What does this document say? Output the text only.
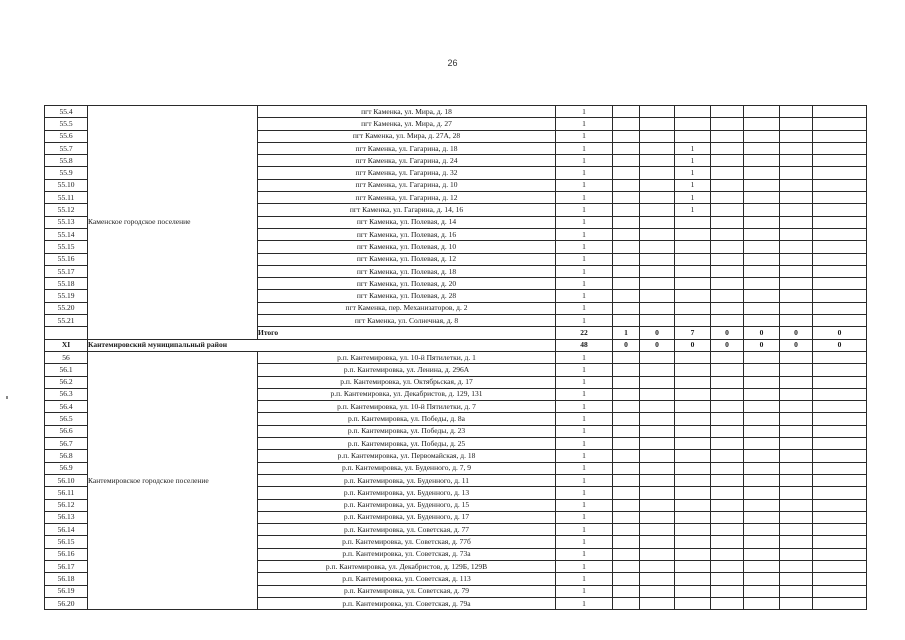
26
55.4	Каменское городское поселение	пгт Каменка, ул. Мира, д. 18	1								
55.5		пгт Каменка, ул. Мира, д. 27	1								
55.6		пгт Каменка, ул. Мира, д. 27А, 28	1								
55.7		пгт Каменка, ул. Гагарина, д. 18	1			1					
55.8		пгт Каменка, ул. Гагарина, д. 24	1			1					
55.9		пгт Каменка, ул. Гагарина, д. 32	1			1					
55.10		пгт Каменка, ул. Гагарина, д. 10	1			1					
55.11		пгт Каменка, ул. Гагарина, д. 12	1			1					
55.12		пгт Каменка, ул. Гагарина, д. 14, 16	1			1					
55.13		пгт Каменка, ул. Полевая, д. 14	1								
55.14		пгт Каменка, ул. Полевая, д. 16	1								
55.15		пгт Каменка, ул. Полевая, д. 10	1								
55.16		пгт Каменка, ул. Полевая, д. 12	1								
55.17		пгт Каменка, ул. Полевая, д. 18	1								
55.18		пгт Каменка, ул. Полевая, д. 20	1								
55.19		пгт Каменка, ул. Полевая, д. 28	1								
55.20		пгт Каменка, пер. Механизаторов, д. 2	1								
55.21		пгт Каменка, ул. Солнечная, д. 8	1								
		Итого	22	1	0	7	0	0	0	0	
XI	Кантемировский муниципальный район		48	0	0	0	0	0	0	0	
56	Кантемировское городское поселение	р.п. Кантемировка, ул. 10-й Пятилетки, д. 1	1								
56.1		р.п. Кантемировка, ул. Ленина, д. 296А	1								
56.2		р.п. Кантемировка, ул. Октябрьская, д. 17	1								
56.3		р.п. Кантемировка, ул. Декабристов, д. 129, 131	1								
56.4		р.п. Кантемировка, ул. 10-й Пятилетки, д. 7	1								
56.5		р.п. Кантемировка, ул. Победы, д. 8а	1								
56.6		р.п. Кантемировка, ул. Победы, д. 23	1								
56.7		р.п. Кантемировка, ул. Победы, д. 25	1								
56.8		р.п. Кантемировка, ул. Первомайская, д. 18	1								
56.9		р.п. Кантемировка, ул. Буденного, д. 7, 9	1								
56.10		р.п. Кантемировка, ул. Буденного, д. 11	1								
56.11		р.п. Кантемировка, ул. Буденного, д. 13	1								
56.12		р.п. Кантемировка, ул. Буденного, д. 15	1								
56.13		р.п. Кантемировка, ул. Буденного, д. 17	1								
56.14		р.п. Кантемировка, ул. Советская, д. 77	1								
56.15		р.п. Кантемировка, ул. Советская, д. 77б	1								
56.16		р.п. Кантемировка, ул. Советская, д. 73а	1								
56.17		р.п. Кантемировка, ул. Декабристов, д. 129Б, 129В	1								
56.18		р.п. Кантемировка, ул. Советская, д. 113	1								
56.19		р.п. Кантемировка, ул. Советская, д. 79	1								
56.20		р.п. Кантемировка, ул. Советская, д. 79а	1								
